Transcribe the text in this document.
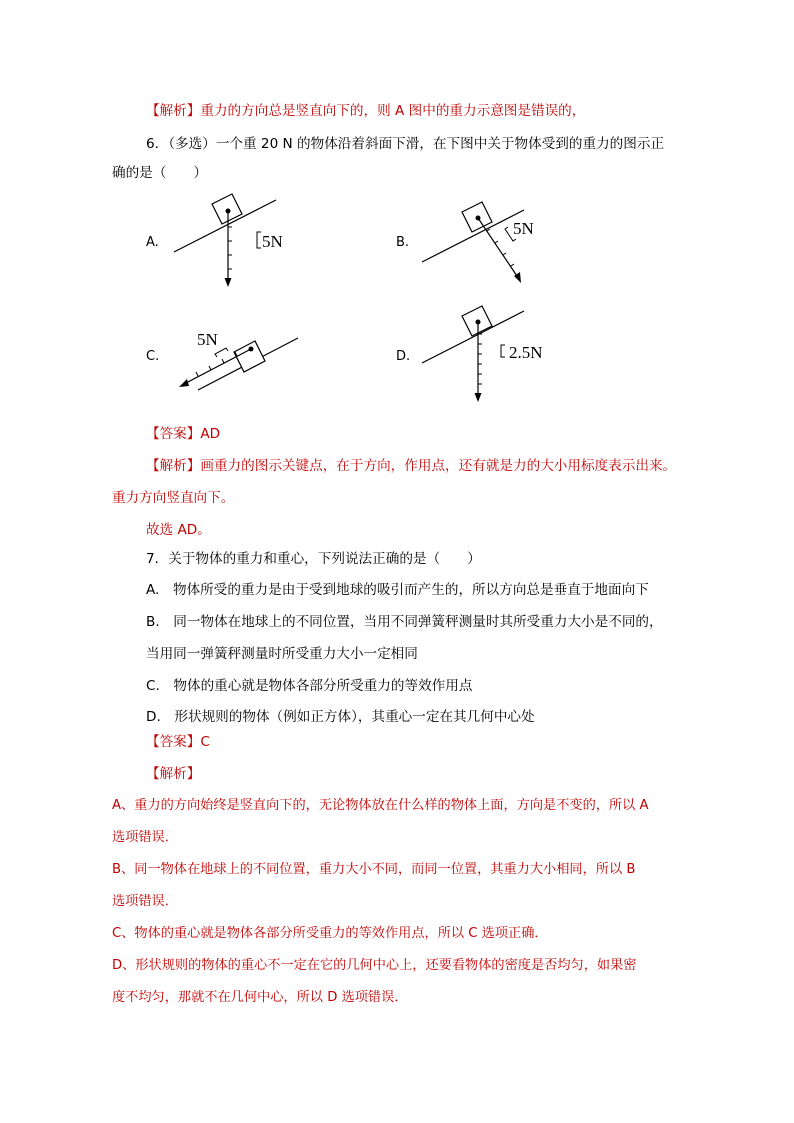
【解析】重力的方向总是竖直向下的，则 A 图中的重力示意图是错误的，
6．（多选）一个重 20 N 的物体沿着斜面下滑，在下图中关于物体受到的重力的图示正
确的是（　　）
5N
A.
5N
B.
5N
C.	2.5N
D.
【答案】AD
【解析】画重力的图示关键点，在于方向，作用点，还有就是力的大小用标度表示出来。
重力方向竖直向下。
故选 AD。
7．关于物体的重力和重心，下列说法正确的是（　　）
A.　物体所受的重力是由于受到地球的吸引而产生的，所以方向总是垂直于地面向下
B.　同一物体在地球上的不同位置，当用不同弹簧秤测量时其所受重力大小是不同的，
当用同一弹簧秤测量时所受重力大小一定相同
C.　物体的重心就是物体各部分所受重力的等效作用点
D.　形状规则的物体（例如正方体），其重心一定在其几何中心处
【答案】C
【解析】
A、重力的方向始终是竖直向下的，无论物体放在什么样的物体上面，方向是不变的，所以 A
选项错误．
B、同一物体在地球上的不同位置，重力大小不同，而同一位置，其重力大小相同，所以 B
选项错误．
C、物体的重心就是物体各部分所受重力的等效作用点，所以 C 选项正确．
D、形状规则的物体的重心不一定在它的几何中心上，还要看物体的密度是否均匀，如果密
度不均匀，那就不在几何中心，所以 D 选项错误．
